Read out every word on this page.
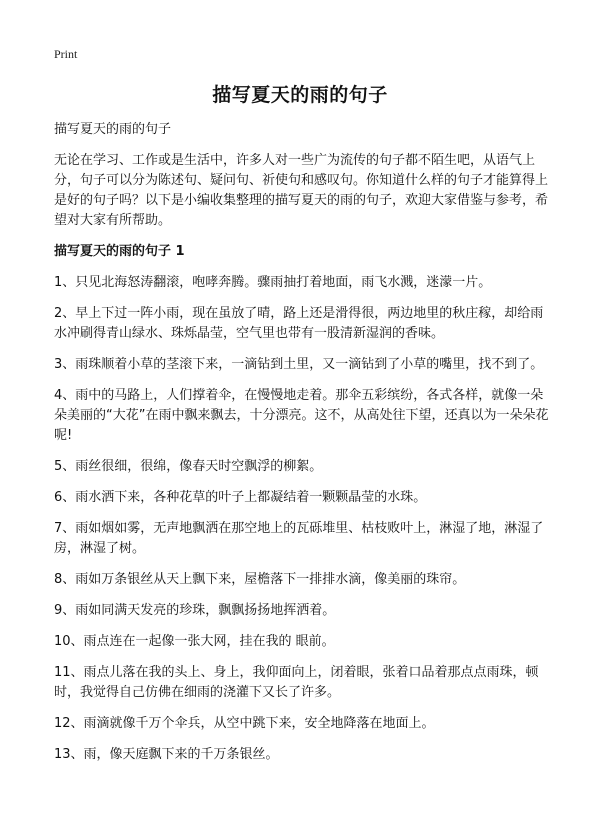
Print
描写夏天的雨的句子

描写夏天的雨的句子

无论在学习、工作或是生活中，许多人对一些广为流传的句子都不陌生吧，从语气上分，句子可以分为陈述句、疑问句、祈使句和感叹句。你知道什么样的句子才能算得上是好的句子吗？以下是小编收集整理的描写夏天的雨的句子，欢迎大家借鉴与参考，希望对大家有所帮助。

描写夏天的雨的句子 1

1、只见北海怒涛翻滚，咆哮奔腾。骤雨抽打着地面，雨飞水溅，迷濛一片。
2、早上下过一阵小雨，现在虽放了晴，路上还是滑得很，两边地里的秋庄稼，却给雨水冲刷得青山绿水、珠烁晶莹，空气里也带有一股清新湿润的香味。
3、雨珠顺着小草的茎滚下来，一滴钻到土里，又一滴钻到了小草的嘴里，找不到了。
4、雨中的马路上，人们撑着伞，在慢慢地走着。那伞五彩缤纷，各式各样，就像一朵朵美丽的“大花”在雨中飘来飘去，十分漂亮。这不，从高处往下望，还真以为一朵朵花呢!
5、雨丝很细，很绵，像春天时空飘浮的柳絮。
6、雨水洒下来，各种花草的叶子上都凝结着一颗颗晶莹的水珠。
7、雨如烟如雾，无声地飘洒在那空地上的瓦砾堆里、枯枝败叶上，淋湿了地，淋湿了房，淋湿了树。
8、雨如万条银丝从天上飘下来，屋檐落下一排排水滴，像美丽的珠帘。
9、雨如同满天发亮的珍珠，飘飘扬扬地挥洒着。
10、雨点连在一起像一张大网，挂在我的 眼前。
11、雨点儿落在我的头上、身上，我仰面向上，闭着眼，张着口品着那点点雨珠，顿时，我觉得自己仿佛在细雨的浇灌下又长了许多。
12、雨滴就像千万个伞兵，从空中跳下来，安全地降落在地面上。
13、雨，像天庭飘下来的千万条银丝。
